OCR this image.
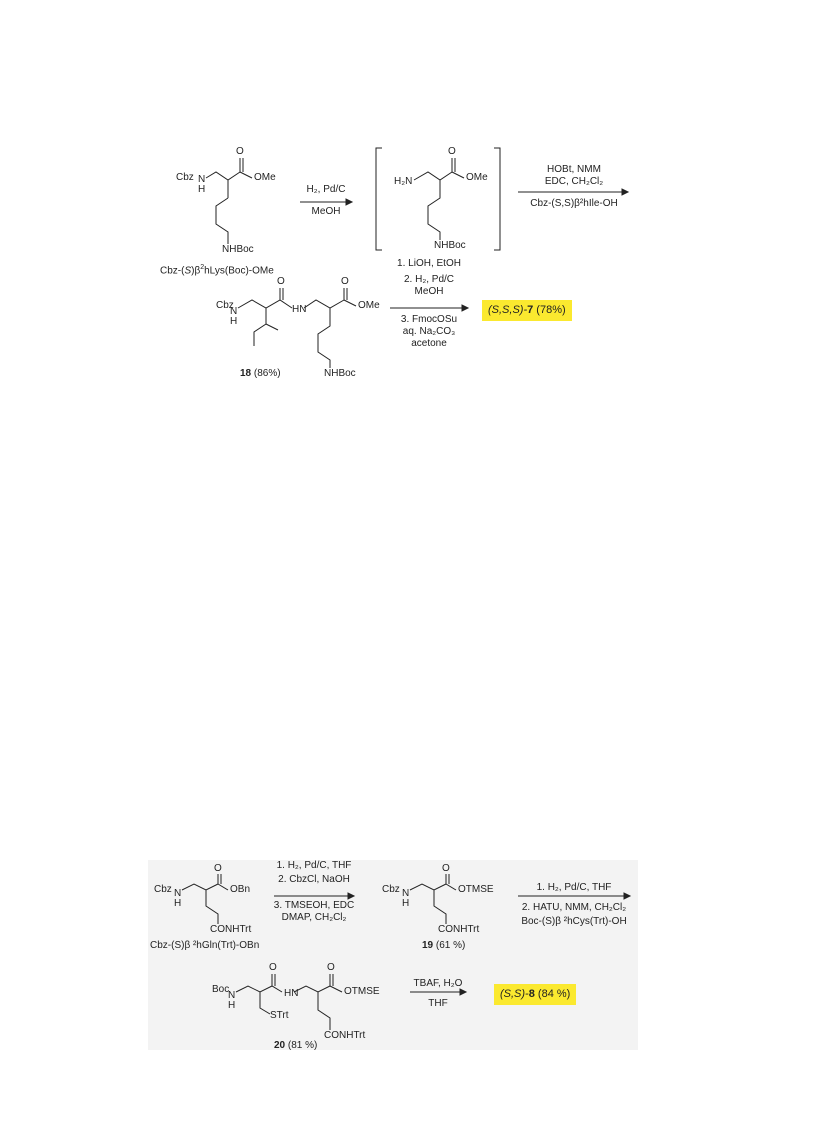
Cbz N
H
O
OMe
NHBoc
Cbz-$(S)\beta^2hLys(Boc)$-OMe
H₂, Pd/C
MeOH
H₂N
O
OMe
NHBoc
HOBt, NMM
EDC, CH₂Cl₂
Cbz-(S,S)β²hIle-OH
Cbz
N
H
O
HN
O
OMe
NHBoc
18 (86%)
1. LiOH, EtOH
2. H₂, Pd/C
MeOH
3. FmocOSu
aq. Na₂CO₃
acetone
(S,S,S)-7 (78%)
Cbz N
H
O
OBn
CONHTrt
Cbz-(S)β ²hGln(Trt)-OBn
1. H₂, Pd/C, THF
2. CbzCl, NaOH
3. TMSEOH, EDC
DMAP, CH₂Cl₂
Cbz N
H
O
OTMSE
CONHTrt
19 (61 %)
1. H₂, Pd/C, THF
2. HATU, NMM, CH₂Cl₂
Boc-(S)β ²hCys(Trt)-OH
Boc
N
H
O
HN
O
OTMSE
STrt
CONHTrt
20 (81 %)
TBAF, H₂O
THF
(S,S)-8 (84 %)
